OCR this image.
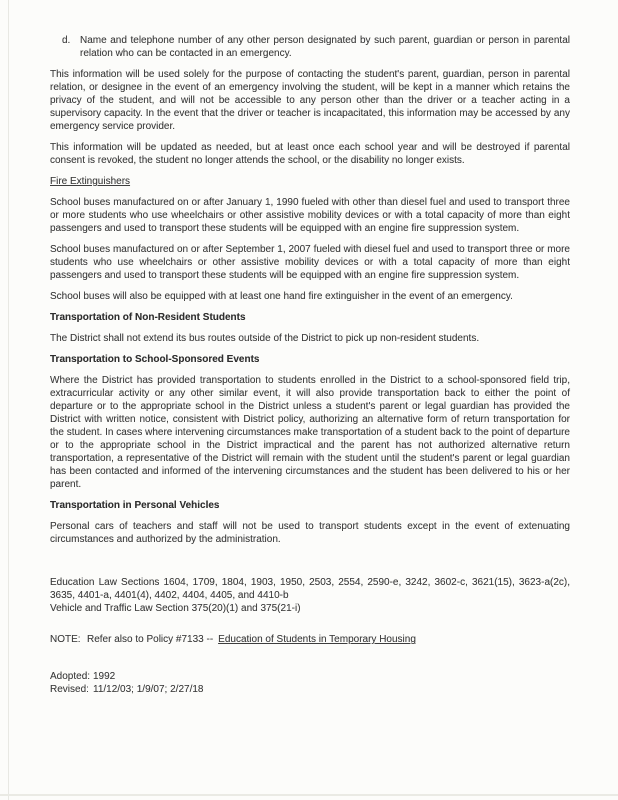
d. Name and telephone number of any other person designated by such parent, guardian or person in parental relation who can be contacted in an emergency.

This information will be used solely for the purpose of contacting the student's parent, guardian, person in parental relation, or designee in the event of an emergency involving the student, will be kept in a manner which retains the privacy of the student, and will not be accessible to any person other than the driver or a teacher acting in a supervisory capacity. In the event that the driver or teacher is incapacitated, this information may be accessed by any emergency service provider.

This information will be updated as needed, but at least once each school year and will be destroyed if parental consent is revoked, the student no longer attends the school, or the disability no longer exists.

Fire Extinguishers

School buses manufactured on or after January 1, 1990 fueled with other than diesel fuel and used to transport three or more students who use wheelchairs or other assistive mobility devices or with a total capacity of more than eight passengers and used to transport these students will be equipped with an engine fire suppression system.

School buses manufactured on or after September 1, 2007 fueled with diesel fuel and used to transport three or more students who use wheelchairs or other assistive mobility devices or with a total capacity of more than eight passengers and used to transport these students will be equipped with an engine fire suppression system.

School buses will also be equipped with at least one hand fire extinguisher in the event of an emergency.

Transportation of Non-Resident Students

The District shall not extend its bus routes outside of the District to pick up non-resident students.

Transportation to School-Sponsored Events

Where the District has provided transportation to students enrolled in the District to a school-sponsored field trip, extracurricular activity or any other similar event, it will also provide transportation back to either the point of departure or to the appropriate school in the District unless a student's parent or legal guardian has provided the District with written notice, consistent with District policy, authorizing an alternative form of return transportation for the student. In cases where intervening circumstances make transportation of a student back to the point of departure or to the appropriate school in the District impractical and the parent has not authorized alternative return transportation, a representative of the District will remain with the student until the student's parent or legal guardian has been contacted and informed of the intervening circumstances and the student has been delivered to his or her parent.

Transportation in Personal Vehicles

Personal cars of teachers and staff will not be used to transport students except in the event of extenuating circumstances and authorized by the administration.

Education Law Sections 1604, 1709, 1804, 1903, 1950, 2503, 2554, 2590-e, 3242, 3602-c, 3621(15), 3623-a(2c), 3635, 4401-a, 4401(4), 4402, 4404, 4405, and 4410-b

Vehicle and Traffic Law Section 375(20)(1) and 375(21-i)

NOTE: Refer also to Policy #7133 -- Education of Students in Temporary Housing
Adopted: 1992
Revised: 11/12/03; 1/9/07; 2/27/18
